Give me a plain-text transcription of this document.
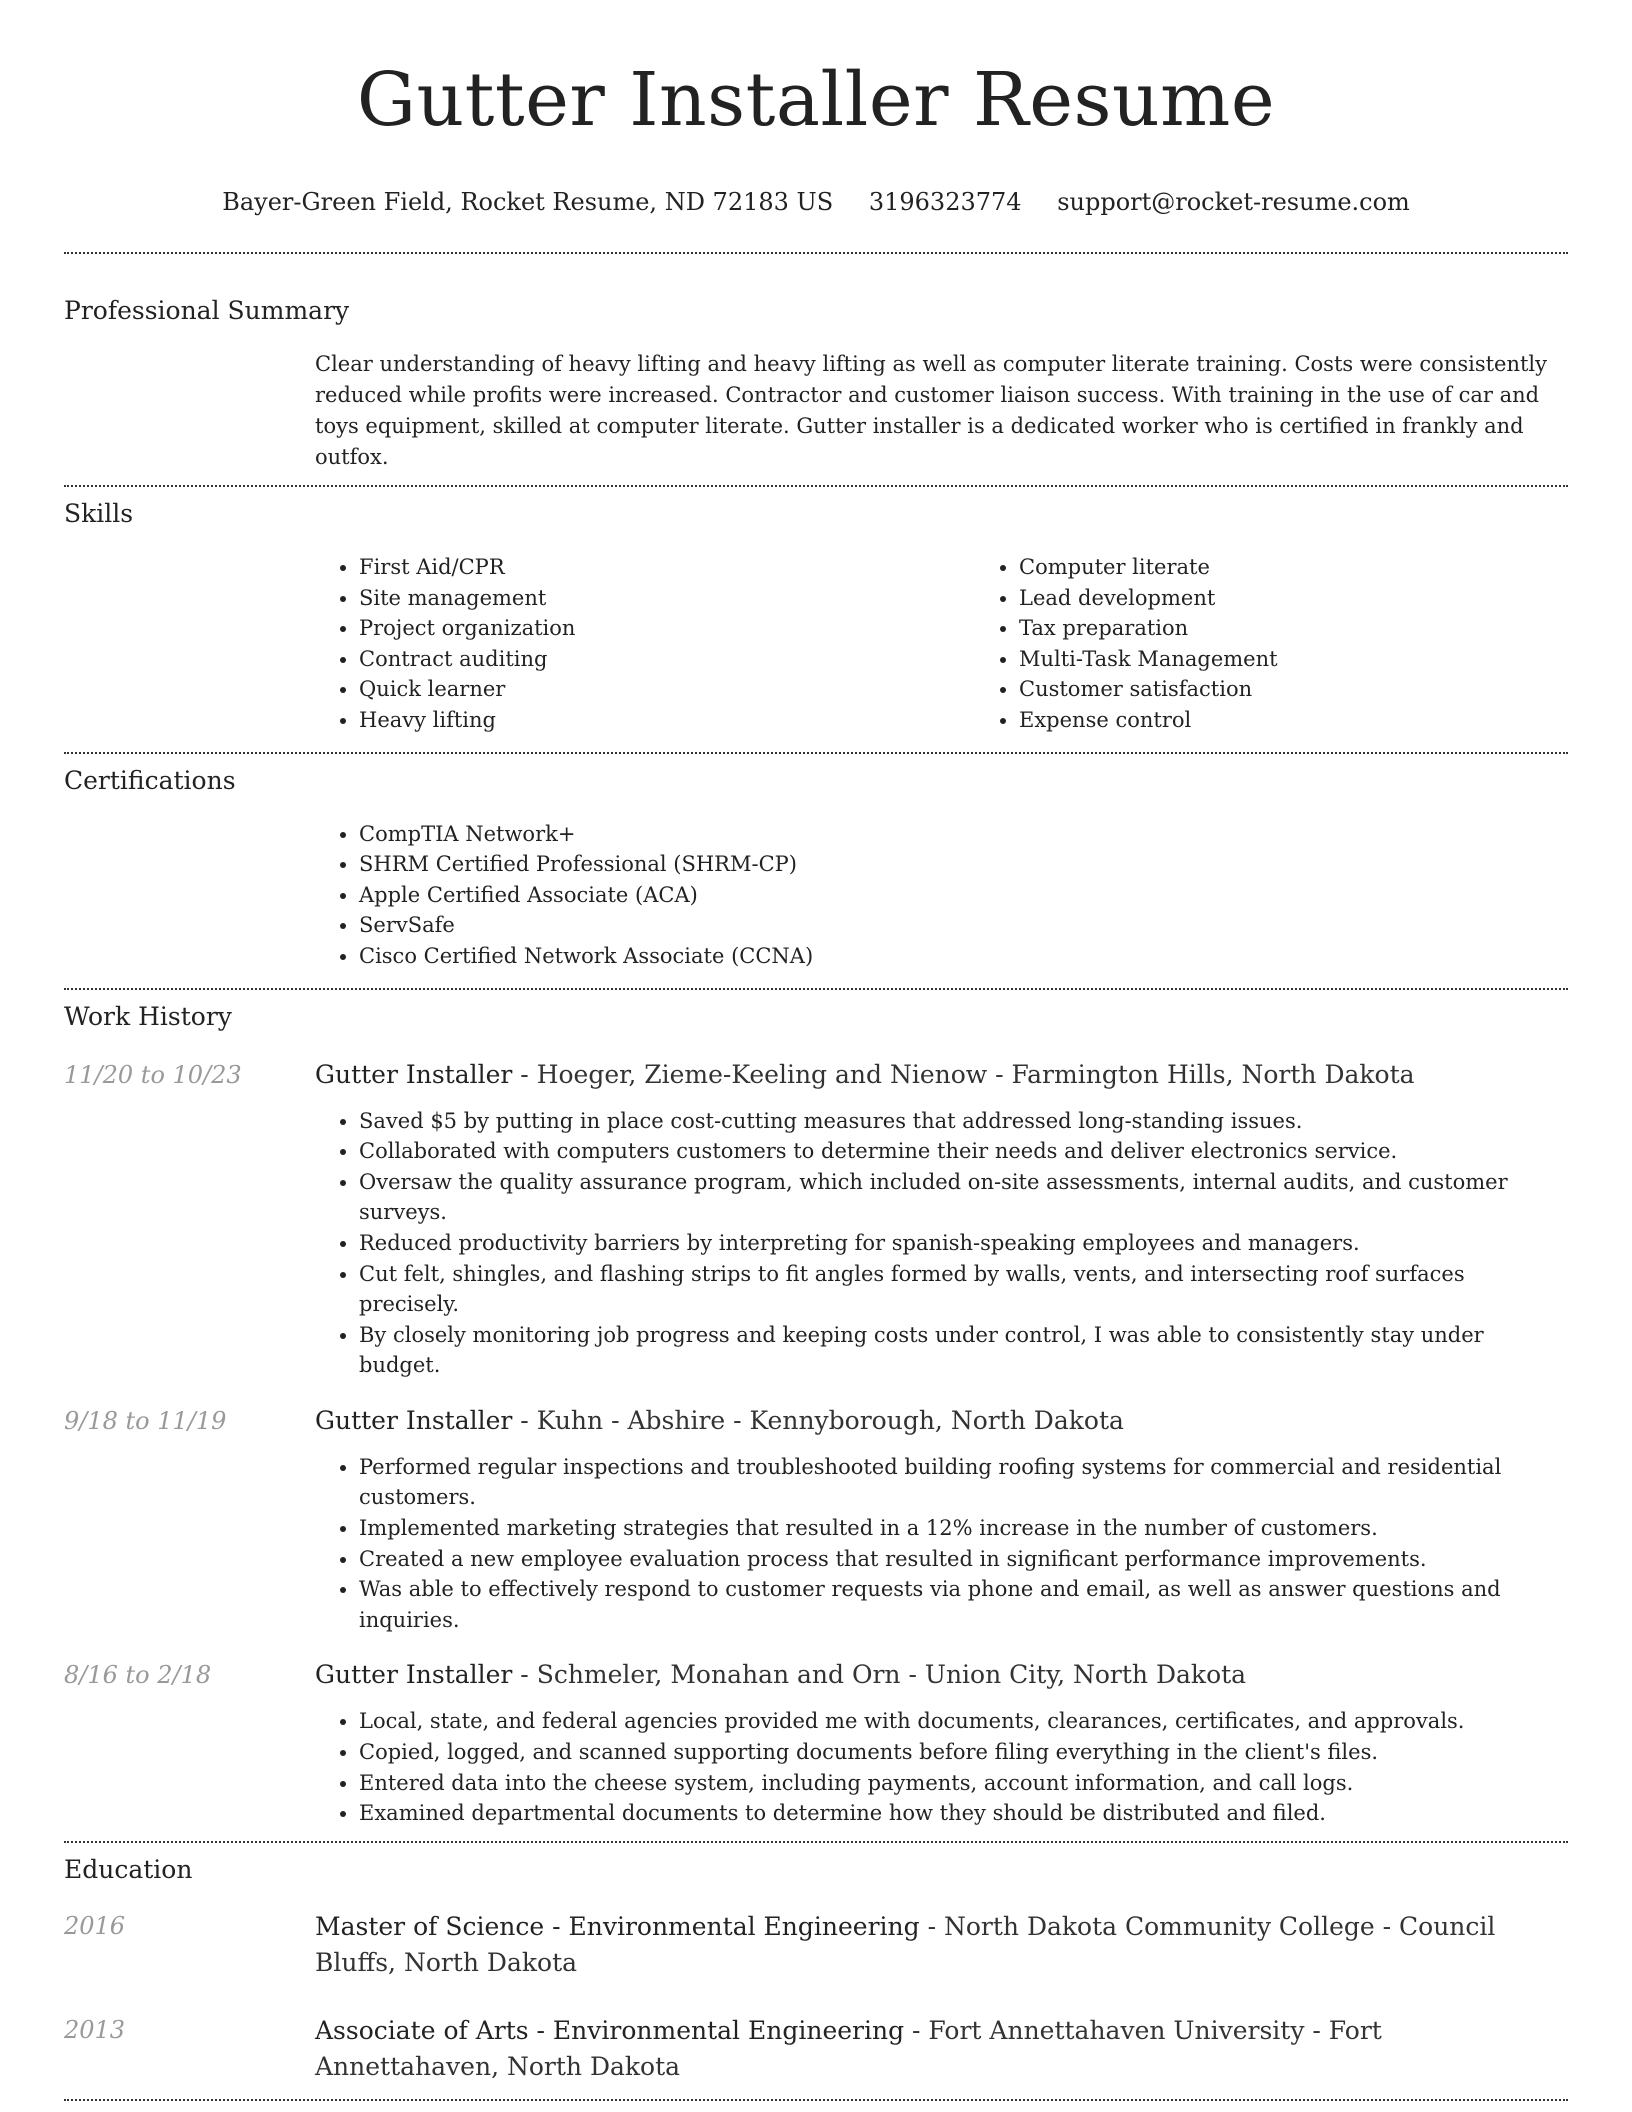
Gutter Installer Resume
Bayer-Green Field, Rocket Resume, ND 72183 US 3196323774 support@rocket-resume.com
Professional Summary

Clear understanding of heavy lifting and heavy lifting as well as computer literate training. Costs were consistently reduced while profits were increased. Contractor and customer liaison success. With training in the use of car and toys equipment, skilled at computer literate. Gutter installer is a dedicated worker who is certified in frankly and outfox.

Skills
• First Aid/CPR
• Site management
• Project organization
• Contract auditing
• Quick learner
• Heavy lifting
• Computer literate
• Lead development
• Tax preparation
• Multi-Task Management
• Customer satisfaction
• Expense control
Certifications
• CompTIA Network+
• SHRM Certified Professional (SHRM-CP)
• Apple Certified Associate (ACA)
• ServSafe
• Cisco Certified Network Associate (CCNA)
Work History
11/20 to 10/23	Gutter Installer - Hoeger, Zieme-Keeling and Nienow - Farmington Hills, North Dakota

• Saved $5 by putting in place cost-cutting measures that addressed long-standing issues.
• Collaborated with computers customers to determine their needs and deliver electronics service.
• Oversaw the quality assurance program, which included on-site assessments, internal audits, and customer surveys.
• Reduced productivity barriers by interpreting for spanish-speaking employees and managers.
• Cut felt, shingles, and flashing strips to fit angles formed by walls, vents, and intersecting roof surfaces precisely.
• By closely monitoring job progress and keeping costs under control, I was able to consistently stay under budget.
9/18 to 11/19	Gutter Installer - Kuhn - Abshire - Kennyborough, North Dakota

• Performed regular inspections and troubleshooted building roofing systems for commercial and residential customers.
• Implemented marketing strategies that resulted in a 12% increase in the number of customers.
• Created a new employee evaluation process that resulted in significant performance improvements.
• Was able to effectively respond to customer requests via phone and email, as well as answer questions and inquiries.
8/16 to 2/18	Gutter Installer - Schmeler, Monahan and Orn - Union City, North Dakota

• Local, state, and federal agencies provided me with documents, clearances, certificates, and approvals.
• Copied, logged, and scanned supporting documents before filing everything in the client's files.
• Entered data into the cheese system, including payments, account information, and call logs.
• Examined departmental documents to determine how they should be distributed and filed.
Education
2016	Master of Science - Environmental Engineering - North Dakota Community College - Council Bluffs, North Dakota

2013	Associate of Arts - Environmental Engineering - Fort Annettahaven University - Fort Annettahaven, North Dakota
